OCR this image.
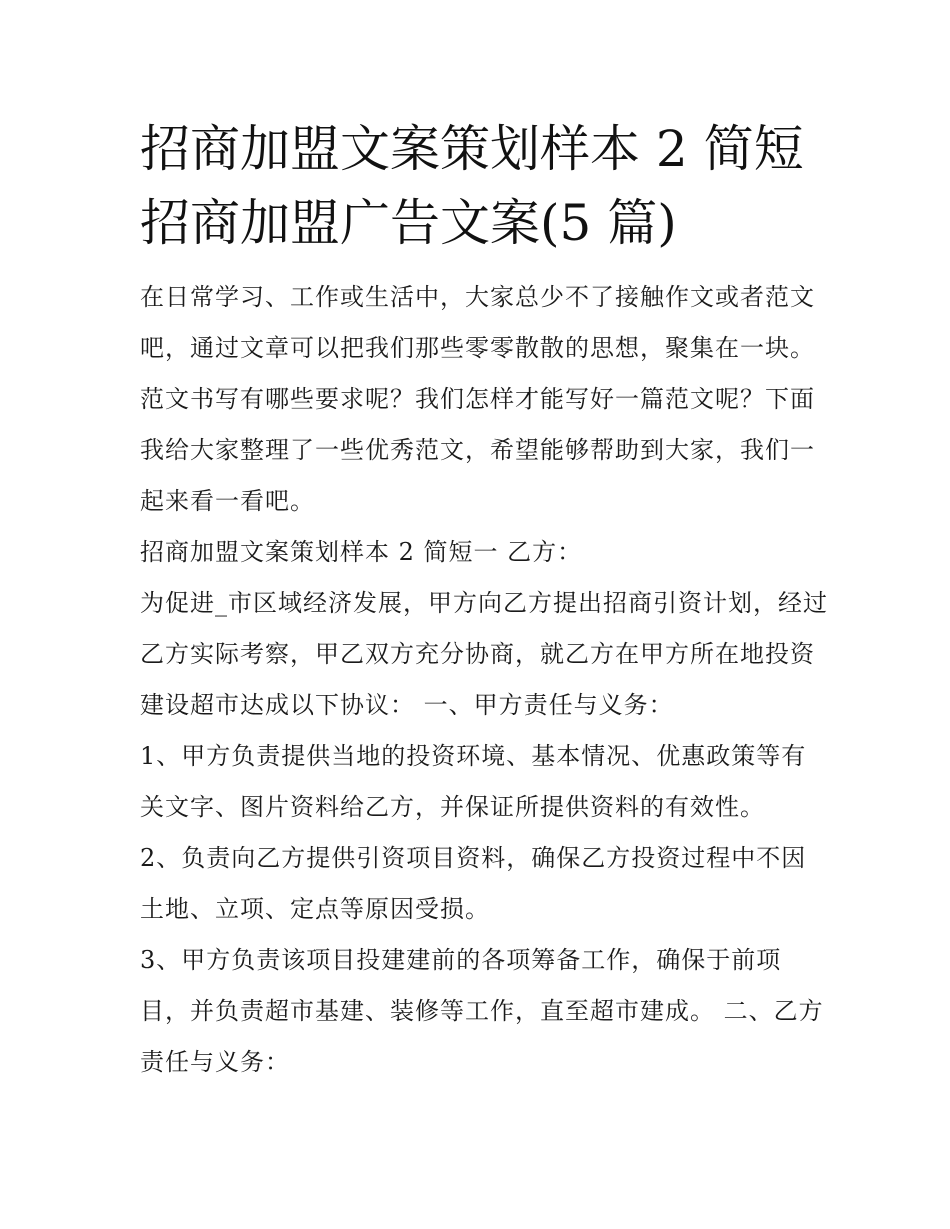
招商加盟文案策划样本 2 简短招商加盟广告文案(5 篇)

在日常学习、工作或生活中，大家总少不了接触作文或者范文吧，通过文章可以把我们那些零零散散的思想，聚集在一块。范文书写有哪些要求呢？我们怎样才能写好一篇范文呢？下面我给大家整理了一些优秀范文，希望能够帮助到大家，我们一起来看一看吧。

招商加盟文案策划样本 2 简短一 乙方：

为促进_市区域经济发展，甲方向乙方提出招商引资计划，经过乙方实际考察，甲乙双方充分协商，就乙方在甲方所在地投资建设超市达成以下协议： 一、甲方责任与义务：

1、甲方负责提供当地的投资环境、基本情况、优惠政策等有关文字、图片资料给乙方，并保证所提供资料的有效性。

2、负责向乙方提供引资项目资料，确保乙方投资过程中不因土地、立项、定点等原因受损。

3、甲方负责该项目投建建前的各项筹备工作，确保于前项目，并负责超市基建、装修等工作，直至超市建成。 二、乙方责任与义务：
